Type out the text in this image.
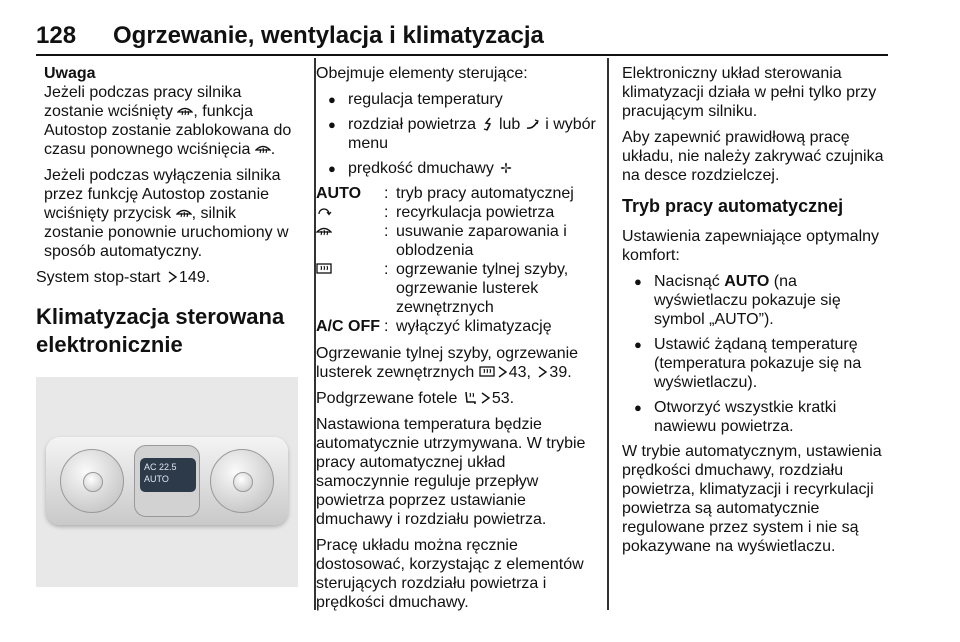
128 Ogrzewanie, wentylacja i klimatyzacja

Uwaga

Jeżeli podczas pracy silnika zostanie wciśnięty , funkcja Autostop zostanie zablokowana do czasu ponownego wciśnięcia .

Jeżeli podczas wyłączenia silnika przez funkcję Autostop zostanie wciśnięty przycisk , silnik zostanie ponownie uruchomiony w sposób automatyczny.

System stop-start 149.

Klimatyzacja sterowana elektronicznie
AC 22.5
AUTO

Obejmuje elementy sterujące:

● regulacja temperatury
● rozdział powietrza  lub  i wybór menu
● prędkość dmuchawy
AUTO	:	tryb pracy automatycznej
	:	recyrkulacja powietrza
	:	usuwanie zaparowania i oblodzenia
	:	ogrzewanie tylnej szyby, ogrzewanie lusterek zewnętrznych
A/C OFF	:	wyłączyć klimatyzację

Ogrzewanie tylnej szyby, ogrzewanie lusterek zewnętrznych 43, 39.

Podgrzewane fotele 53.

Nastawiona temperatura będzie automatycznie utrzymywana. W trybie pracy automatycznej układ samoczynnie reguluje przepływ powietrza poprzez ustawianie dmuchawy i rozdziału powietrza.

Pracę układu można ręcznie dostosować, korzystając z elementów sterujących rozdziału powietrza i prędkości dmuchawy.

Elektroniczny układ sterowania klimatyzacji działa w pełni tylko przy pracującym silniku.

Aby zapewnić prawidłową pracę układu, nie należy zakrywać czujnika na desce rozdzielczej.

Tryb pracy automatycznej

Ustawienia zapewniające optymalny komfort:

● Nacisnąć AUTO (na wyświetlaczu pokazuje się symbol „AUTO”).
● Ustawić żądaną temperaturę (temperatura pokazuje się na wyświetlaczu).
● Otworzyć wszystkie kratki nawiewu powietrza.

W trybie automatycznym, ustawienia prędkości dmuchawy, rozdziału powietrza, klimatyzacji i recyrkulacji powietrza są automatycznie regulowane przez system i nie są pokazywane na wyświetlaczu.
